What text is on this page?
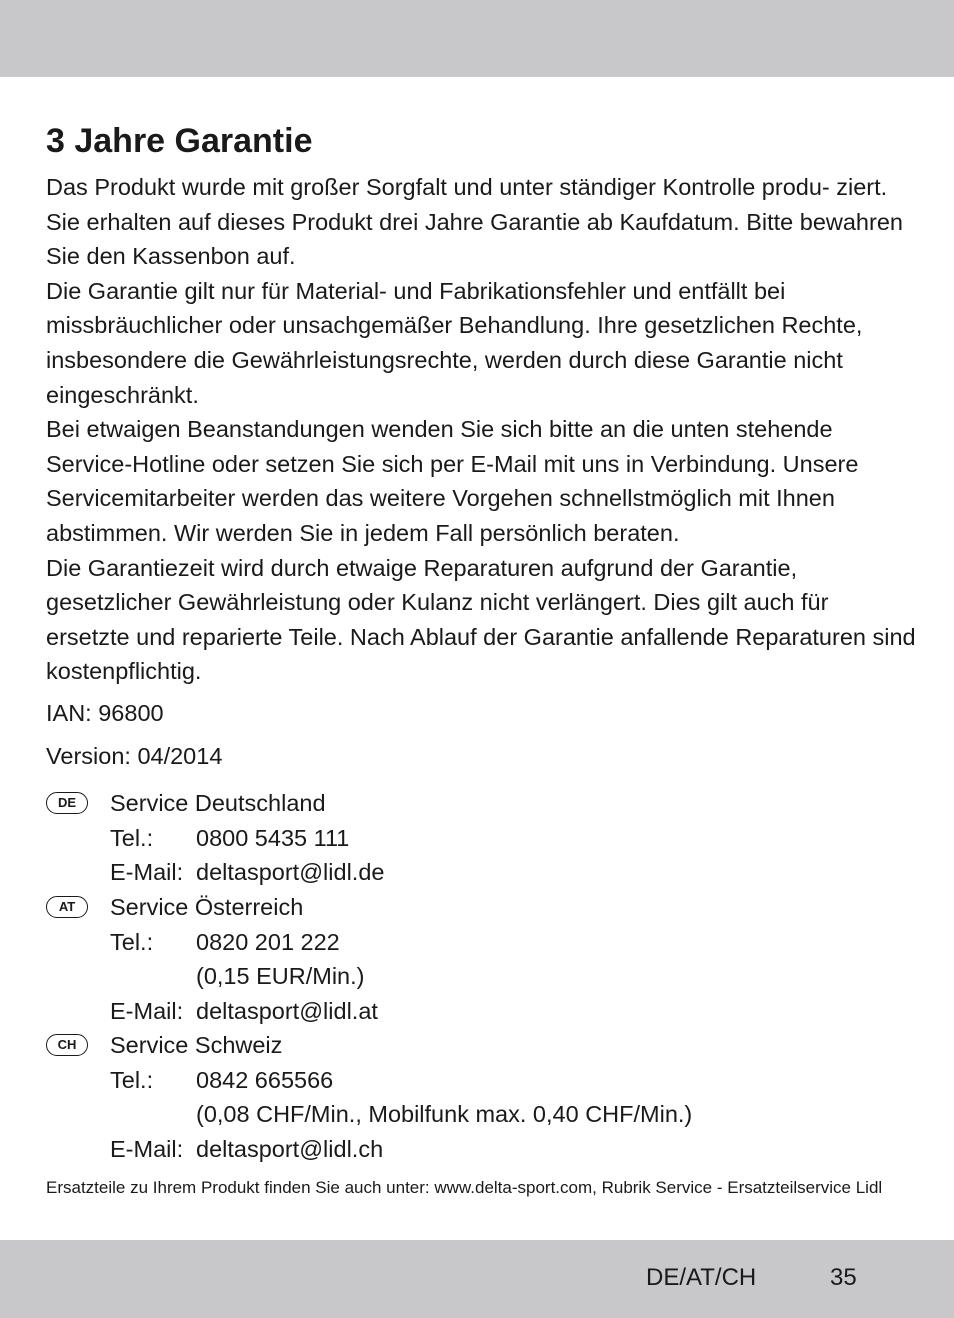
3 Jahre Garantie

Das Produkt wurde mit großer Sorgfalt und unter ständiger Kontrolle produ- ziert. Sie erhalten auf dieses Produkt drei Jahre Garantie ab Kaufdatum. Bitte bewahren Sie den Kassenbon auf.

Die Garantie gilt nur für Material- und Fabrikationsfehler und entfällt bei missbräuchlicher oder unsachgemäßer Behandlung. Ihre gesetzlichen Rechte, insbesondere die Gewährleistungsrechte, werden durch diese Garantie nicht eingeschränkt.

Bei etwaigen Beanstandungen wenden Sie sich bitte an die unten stehende Service-Hotline oder setzen Sie sich per E-Mail mit uns in Verbindung. Unsere Servicemitarbeiter werden das weitere Vorgehen schnellstmöglich mit Ihnen abstimmen. Wir werden Sie in jedem Fall persönlich beraten.

Die Garantiezeit wird durch etwaige Reparaturen aufgrund der Garantie, gesetzlicher Gewährleistung oder Kulanz nicht verlängert. Dies gilt auch für ersetzte und reparierte Teile. Nach Ablauf der Garantie anfallende Reparaturen sind kostenpflichtig.

IAN: 96800
Version: 04/2014
DE	Service Deutschland
Tel.: 0800 5435 111
E-Mail: deltasport@lidl.de
AT	Service Österreich
Tel.: 0820 201 222
(0,15 EUR/Min.)
E-Mail: deltasport@lidl.at
CH	Service Schweiz
Tel.: 0842 665566
(0,08 CHF/Min., Mobilfunk max. 0,40 CHF/Min.)
E-Mail: deltasport@lidl.ch

Ersatzteile zu Ihrem Produkt finden Sie auch unter: www.delta-sport.com, Rubrik Service - Ersatzteilservice Lidl

DE/AT/CH	35
